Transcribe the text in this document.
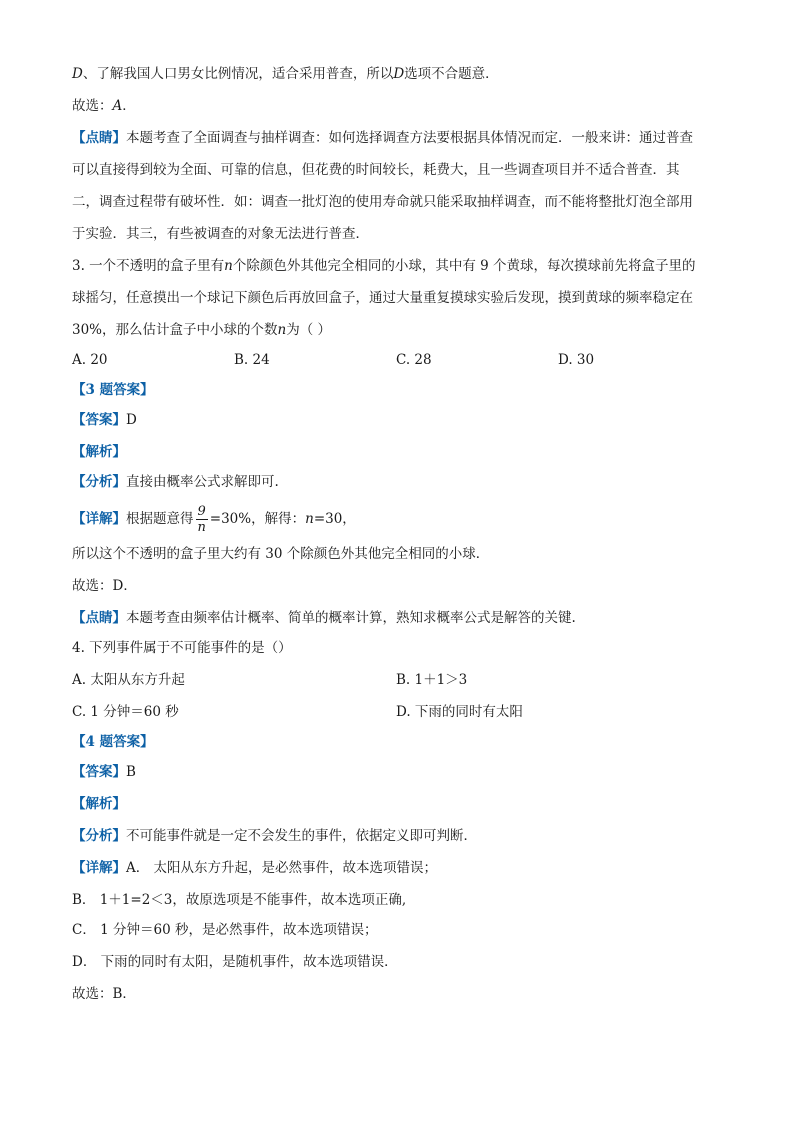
D、了解我国人口男女比例情况，适合采用普查，所以D选项不合题意．
故选：A．
【点睛】本题考查了全面调查与抽样调查：如何选择调查方法要根据具体情况而定．一般来讲：通过普查
可以直接得到较为全面、可靠的信息，但花费的时间较长，耗费大，且一些调查项目并不适合普查．其
二，调查过程带有破坏性．如：调查一批灯泡的使用寿命就只能采取抽样调查，而不能将整批灯泡全部用
于实验．其三，有些被调查的对象无法进行普查．
3. 一个不透明的盒子里有n个除颜色外其他完全相同的小球，其中有 9 个黄球，每次摸球前先将盒子里的
球摇匀，任意摸出一个球记下颜色后再放回盒子，通过大量重复摸球实验后发现，摸到黄球的频率稳定在
30%，那么估计盒子中小球的个数n为（ ）
A. 20	B. 24	C. 28	D. 30
【3 题答案】
【答案】D
【解析】
【分析】直接由概率公式求解即可.
【详解】根据题意得 $\frac{9}{n} =30\%$，解得：n=30，
所以这个不透明的盒子里大约有 30 个除颜色外其他完全相同的小球．
故选：D．
【点睛】本题考查由频率估计概率、简单的概率计算，熟知求概率公式是解答的关键.
4. 下列事件属于不可能事件的是（）
A. 太阳从东方升起	B. 1＋1＞3
C. 1 分钟＝60 秒	D. 下雨的同时有太阳
【4 题答案】
【答案】B
【解析】
【分析】不可能事件就是一定不会发生的事件，依据定义即可判断．
【详解】A． 太阳从东方升起，是必然事件，故本选项错误；
B． 1＋1=2＜3，故原选项是不能事件，故本选项正确,
C． 1 分钟＝60 秒，是必然事件，故本选项错误；
D． 下雨的同时有太阳，是随机事件，故本选项错误．
故选：B．
